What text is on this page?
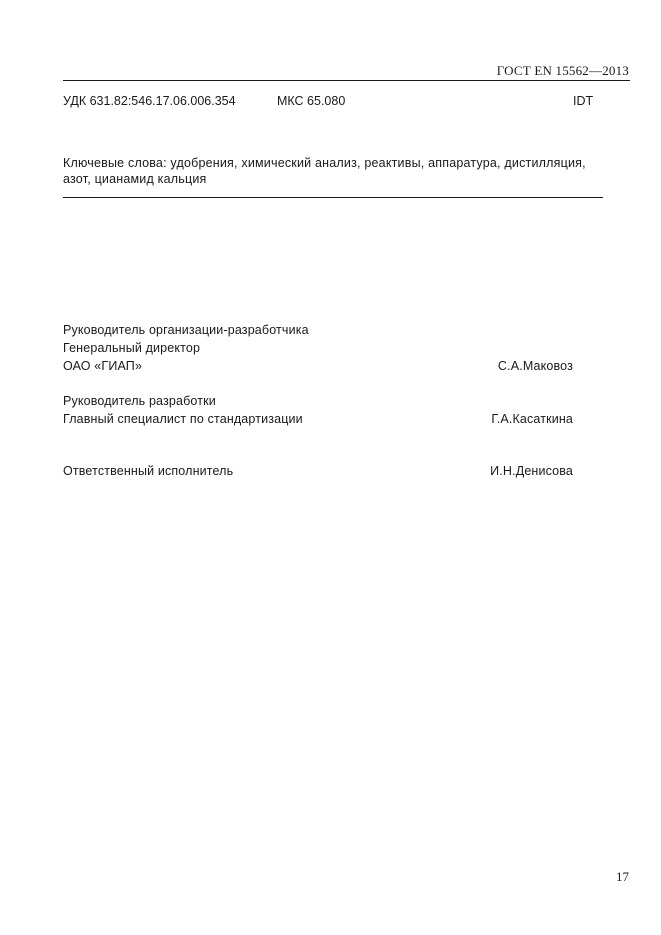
ГОСТ EN 15562—2013
УДК 631.82:546.17.06.006.354	МКС 65.080	IDT
Ключевые слова: удобрения, химический анализ, реактивы, аппаратура, дистилляция, азот, цианамид кальция
Руководитель организации-разработчика
Генеральный директор
ОАО «ГИАП»	С.А.Маковоз
Руководитель разработки
Главный специалист по стандартизации	Г.А.Касаткина
Ответственный исполнитель	И.Н.Денисова
17
